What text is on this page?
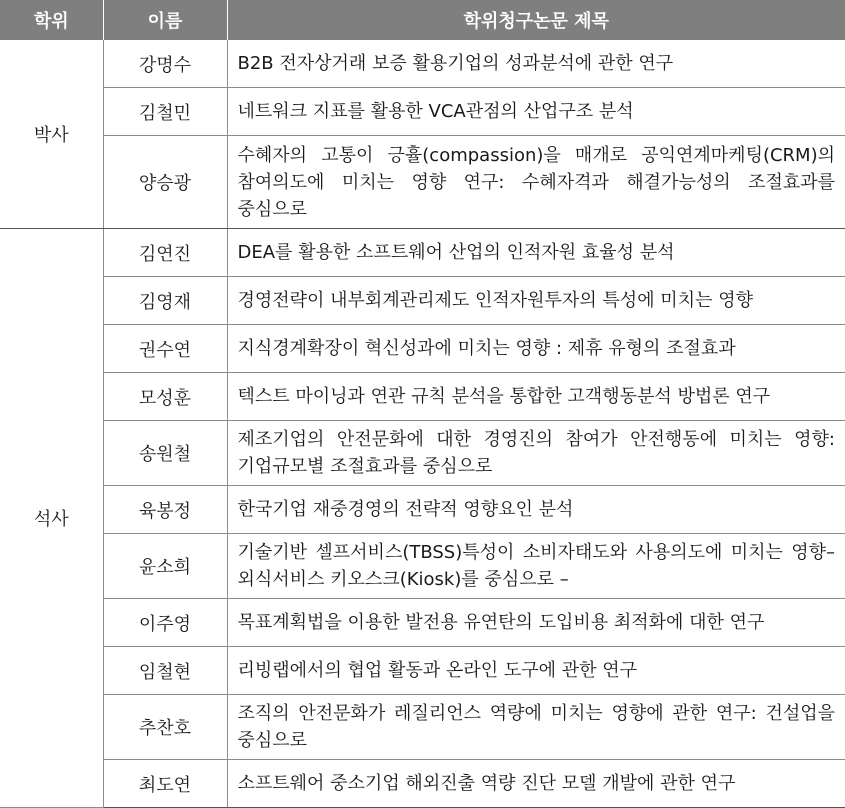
학위	이름	학위청구논문 제목
박사	강명수	B2B 전자상거래 보증 활용기업의 성과분석에 관한 연구
	김철민	네트워크 지표를 활용한 VCA관점의 산업구조 분석
	양승광	수혜자의 고통이 긍휼(compassion)을 매개로 공익연계마케팅(CRM)의 참여의도에 미치는 영향 연구: 수혜자격과 해결가능성의 조절효과를 중심으로
석사	김연진	DEA를 활용한 소프트웨어 산업의 인적자원 효율성 분석
	김영재	경영전략이 내부회계관리제도 인적자원투자의 특성에 미치는 영향
	권수연	지식경계확장이 혁신성과에 미치는 영향 : 제휴 유형의 조절효과
	모성훈	텍스트 마이닝과 연관 규칙 분석을 통합한 고객행동분석 방법론 연구
	송원철	제조기업의 안전문화에 대한 경영진의 참여가 안전행동에 미치는 영향:기업규모별 조절효과를 중심으로
	육봉정	한국기업 재중경영의 전략적 영향요인 분석
	윤소희	기술기반 셀프서비스(TBSS)특성이 소비자태도와 사용의도에 미치는 영향– 외식서비스 키오스크(Kiosk)를 중심으로 –
	이주영	목표계획법을 이용한 발전용 유연탄의 도입비용 최적화에 대한 연구
	임철현	리빙랩에서의 협업 활동과 온라인 도구에 관한 연구
	추찬호	조직의 안전문화가 레질리언스 역량에 미치는 영향에 관한 연구: 건설업을 중심으로
	최도연	소프트웨어 중소기업 해외진출 역량 진단 모델 개발에 관한 연구
